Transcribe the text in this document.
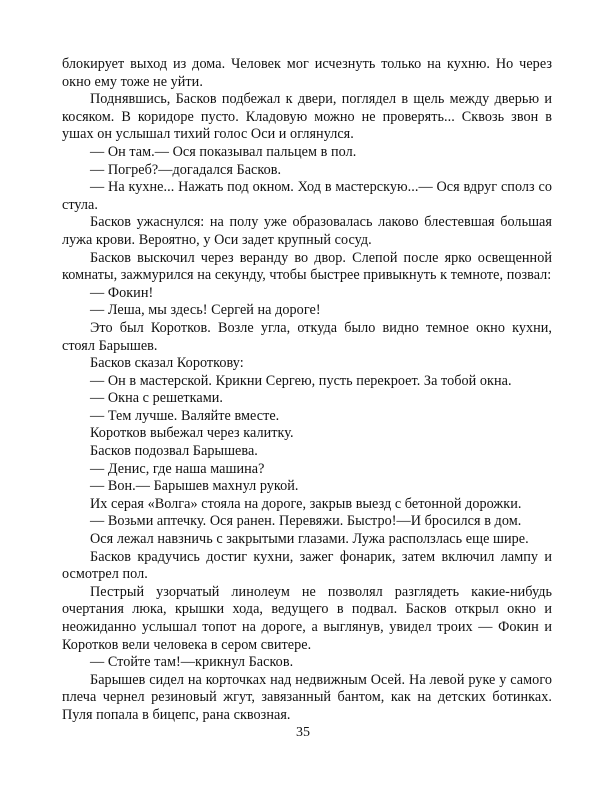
блокирует выход из дома. Человек мог исчезнуть только на кухню. Но через окно ему тоже не уйти.

Поднявшись, Басков подбежал к двери, поглядел в щель между дверью и косяком. В коридоре пусто. Кладовую можно не проверять... Сквозь звон в ушах он услышал тихий голос Оси и оглянулся.

— Он там.— Ося показывал пальцем в пол.

— Погреб?—догадался Басков.

— На кухне... Нажать под окном. Ход в мастерскую...— Ося вдруг сполз со стула.

Басков ужаснулся: на полу уже образовалась лаково блестевшая большая лужа крови. Вероятно, у Оси задет крупный сосуд.

Басков выскочил через веранду во двор. Слепой после ярко освещенной комнаты, зажмурился на секунду, чтобы быстрее привыкнуть к темноте, позвал:

— Фокин!

— Леша, мы здесь! Сергей на дороге!

Это был Коротков. Возле угла, откуда было видно темное окно кухни, стоял Барышев.

Басков сказал Короткову:

— Он в мастерской. Крикни Сергею, пусть перекроет. За тобой окна.

— Окна с решетками.

— Тем лучше. Валяйте вместе.

Коротков выбежал через калитку.

Басков подозвал Барышева.

— Денис, где наша машина?

— Вон.— Барышев махнул рукой.

Их серая «Волга» стояла на дороге, закрыв выезд с бетонной дорожки.

— Возьми аптечку. Ося ранен. Перевяжи. Быстро!—И бросился в дом.

Ося лежал навзничь с закрытыми глазами. Лужа расползлась еще шире.

Басков крадучись достиг кухни, зажег фонарик, затем включил лампу и осмотрел пол.

Пестрый узорчатый линолеум не позволял разглядеть какие-нибудь очертания люка, крышки хода, ведущего в подвал. Басков открыл окно и неожиданно услышал топот на дороге, а выглянув, увидел троих — Фокин и Коротков вели человека в сером свитере.

— Стойте там!—крикнул Басков.

Барышев сидел на корточках над недвижным Осей. На левой руке у самого плеча чернел резиновый жгут, завязанный бантом, как на детских ботинках. Пуля попала в бицепс, рана сквозная.

35
